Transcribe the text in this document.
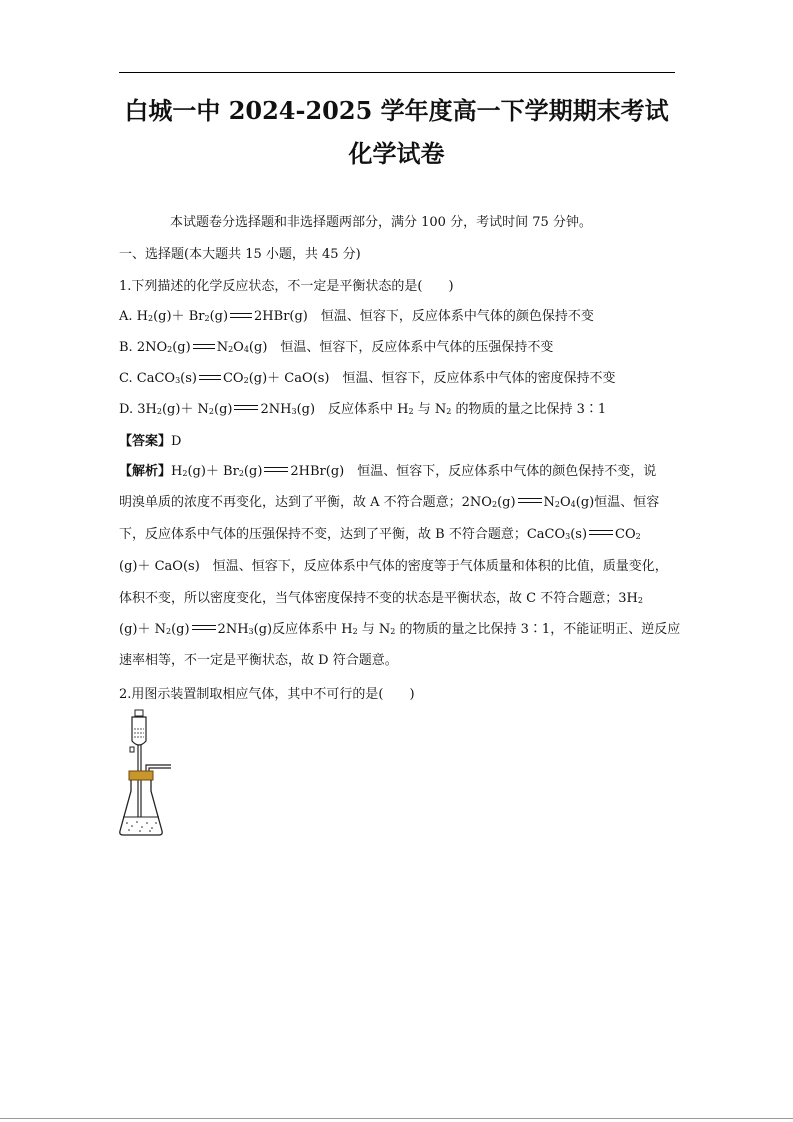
白城一中 2024-2025 学年度高一下学期期末考试
化学试卷
本试题卷分选择题和非选择题两部分，满分 100 分，考试时间 75 分钟。
一、选择题(本大题共 15 小题，共 45 分)
1.下列描述的化学反应状态，不一定是平衡状态的是(　　)
A. $H_2(g)+ Br_2(g)$ 2HBr(g)　恒温、恒容下，反应体系中气体的颜色保持不变
B. $2NO_2(g)$ $N_2O_4(g)$　恒温、恒容下，反应体系中气体的压强保持不变
C. CaCO$_3$(s) $CO_2(g)+ CaO(s)$　恒温、恒容下，反应体系中气体的密度保持不变
D. $3H_2(g)+ N_2(g)$ $2NH_3(g)$　反应体系中 $H_2$ 与 $N_2$ 的物质的量之比保持 3∶1
【答案】D
【解析】$H_2(g)+ Br_2(g)$ 2HBr(g)　恒温、恒容下，反应体系中气体的颜色保持不变，说
明溴单质的浓度不再变化，达到了平衡，故 A 不符合题意；$2NO_2(g)$ $N_2O_4(g)$恒温、恒容
下，反应体系中气体的压强保持不变，达到了平衡，故 B 不符合题意；CaCO$_3$(s) $CO_2$
(g)＋ CaO(s)　恒温、恒容下，反应体系中气体的密度等于气体质量和体积的比值，质量变化，
体积不变，所以密度变化，当气体密度保持不变的状态是平衡状态，故 C 不符合题意；$3H_2$
$(g)+ N_2(g)$ $2NH_3(g)$反应体系中 $H_2$ 与 $N_2$ 的物质的量之比保持 3∶1，不能证明正、逆反应
速率相等，不一定是平衡状态，故 D 符合题意。
2.用图示装置制取相应气体，其中不可行的是(　　)
